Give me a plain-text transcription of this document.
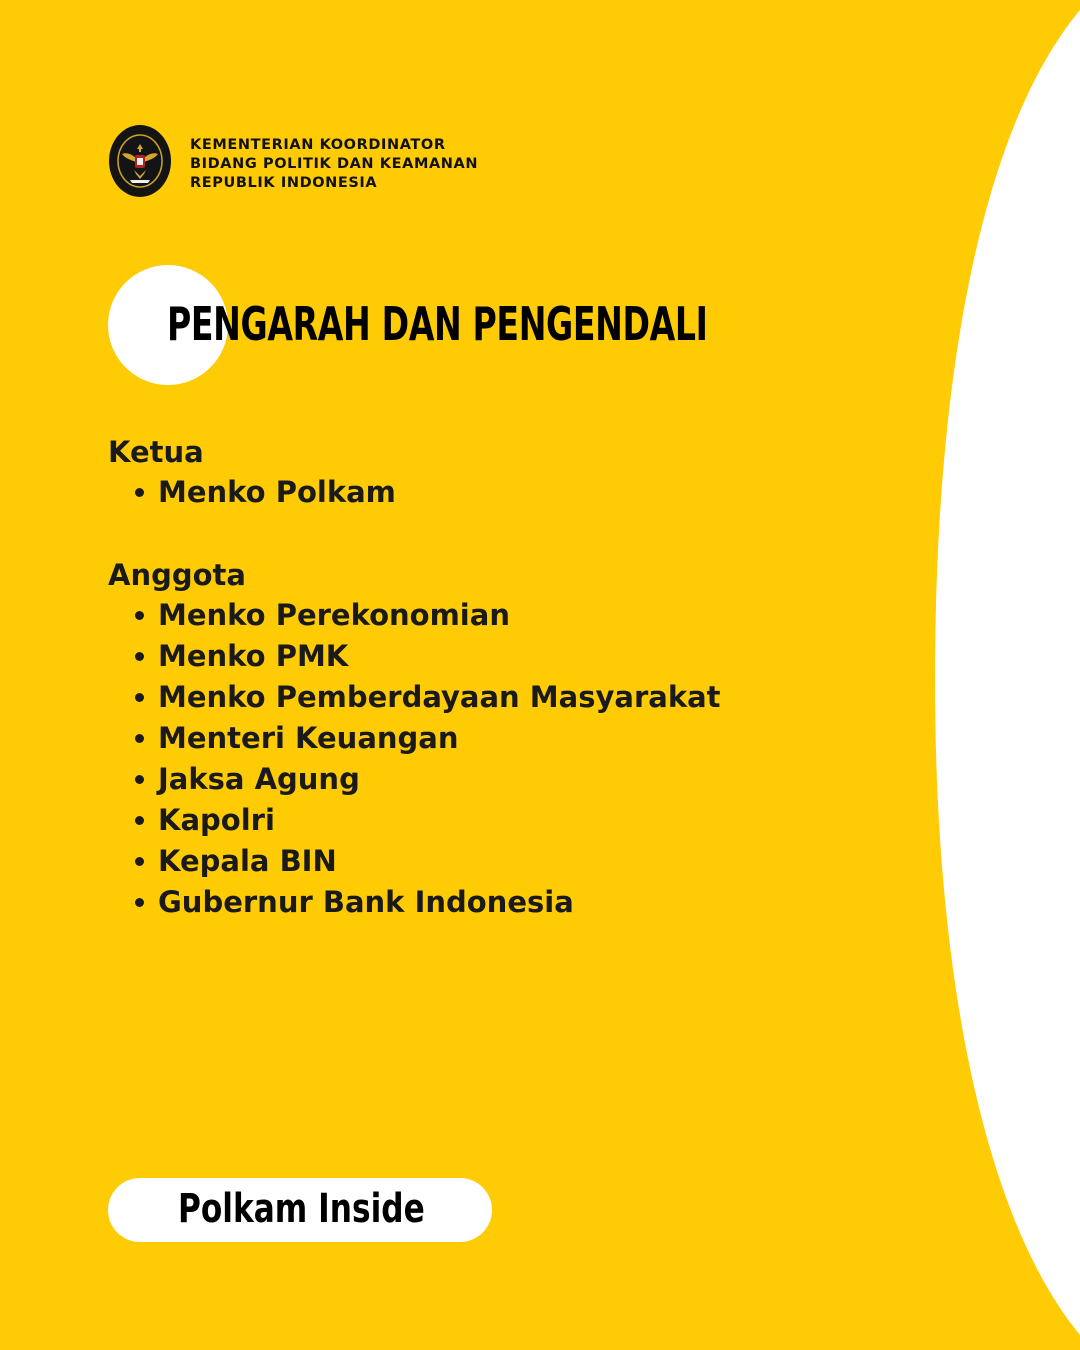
KEMENTERIAN KOORDINATOR
BIDANG POLITIK DAN KEAMANAN
REPUBLIK INDONESIA
PENGARAH DAN PENGENDALI
Ketua
Menko Polkam
Anggota
Menko Perekonomian
Menko PMK
Menko Pemberdayaan Masyarakat
Menteri Keuangan
Jaksa Agung
Kapolri
Kepala BIN
Gubernur Bank Indonesia
Polkam Inside
